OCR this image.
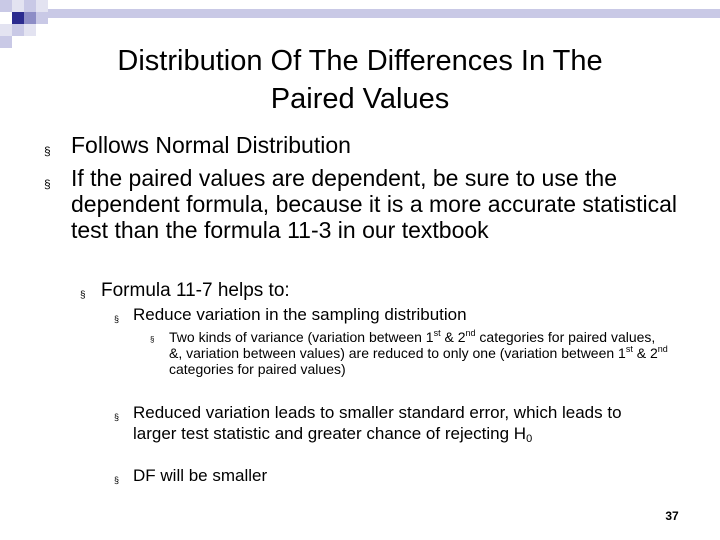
Distribution Of The Differences In The
Paired Values
§ Follows Normal Distribution
§ If the paired values are dependent, be sure to use the dependent formula, because it is a more accurate statistical test than the formula 11-3 in our textbook
§ Formula 11-7 helps to:
§ Reduce variation in the sampling distribution
§ Two kinds of variance (variation between 1st & 2nd categories for paired values, &, variation between values) are reduced to only one (variation between 1st & 2nd categories for paired values)
§ Reduced variation leads to smaller standard error, which leads to larger test statistic and greater chance of rejecting $H_0$
§ DF will be smaller
37
